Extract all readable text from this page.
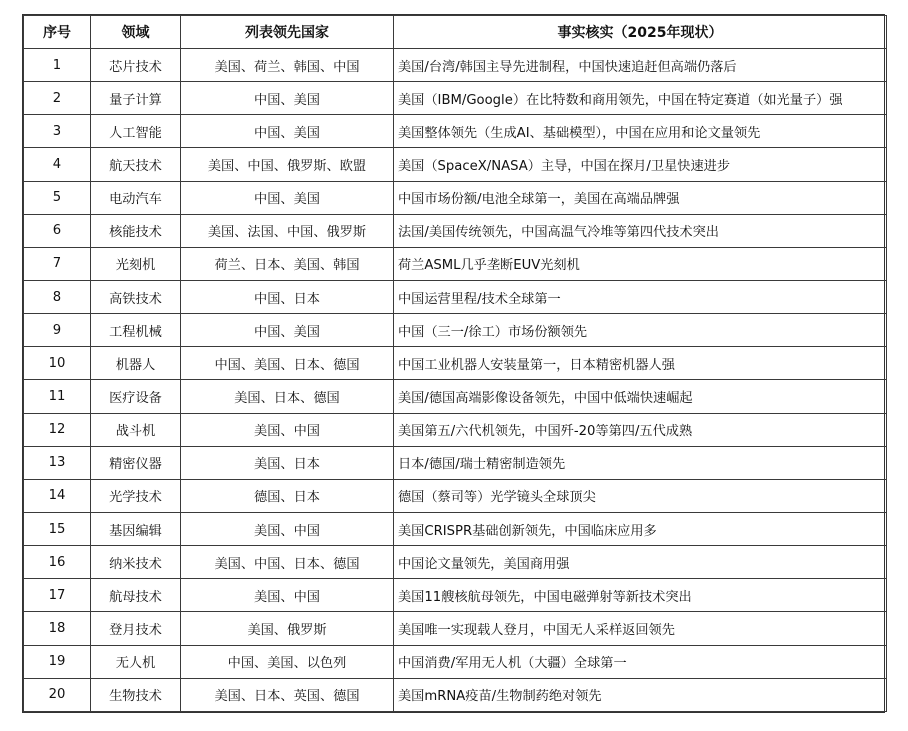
序号	领域	列表领先国家	事实核实（2025年现状）
1	芯片技术	美国、荷兰、韩国、中国	美国/台湾/韩国主导先进制程，中国快速追赶但高端仍落后
2	量子计算	中国、美国	美国（IBM/Google）在比特数和商用领先，中国在特定赛道（如光量子）强
3	人工智能	中国、美国	美国整体领先（生成AI、基础模型），中国在应用和论文量领先
4	航天技术	美国、中国、俄罗斯、欧盟	美国（SpaceX/NASA）主导，中国在探月/卫星快速进步
5	电动汽车	中国、美国	中国市场份额/电池全球第一，美国在高端品牌强
6	核能技术	美国、法国、中国、俄罗斯	法国/美国传统领先，中国高温气冷堆等第四代技术突出
7	光刻机	荷兰、日本、美国、韩国	荷兰ASML几乎垄断EUV光刻机
8	高铁技术	中国、日本	中国运营里程/技术全球第一
9	工程机械	中国、美国	中国（三一/徐工）市场份额领先
10	机器人	中国、美国、日本、德国	中国工业机器人安装量第一，日本精密机器人强
11	医疗设备	美国、日本、德国	美国/德国高端影像设备领先，中国中低端快速崛起
12	战斗机	美国、中国	美国第五/六代机领先，中国歼-20等第四/五代成熟
13	精密仪器	美国、日本	日本/德国/瑞士精密制造领先
14	光学技术	德国、日本	德国（蔡司等）光学镜头全球顶尖
15	基因编辑	美国、中国	美国CRISPR基础创新领先，中国临床应用多
16	纳米技术	美国、中国、日本、德国	中国论文量领先，美国商用强
17	航母技术	美国、中国	美国11艘核航母领先，中国电磁弹射等新技术突出
18	登月技术	美国、俄罗斯	美国唯一实现载人登月，中国无人采样返回领先
19	无人机	中国、美国、以色列	中国消费/军用无人机（大疆）全球第一
20	生物技术	美国、日本、英国、德国	美国mRNA疫苗/生物制药绝对领先
